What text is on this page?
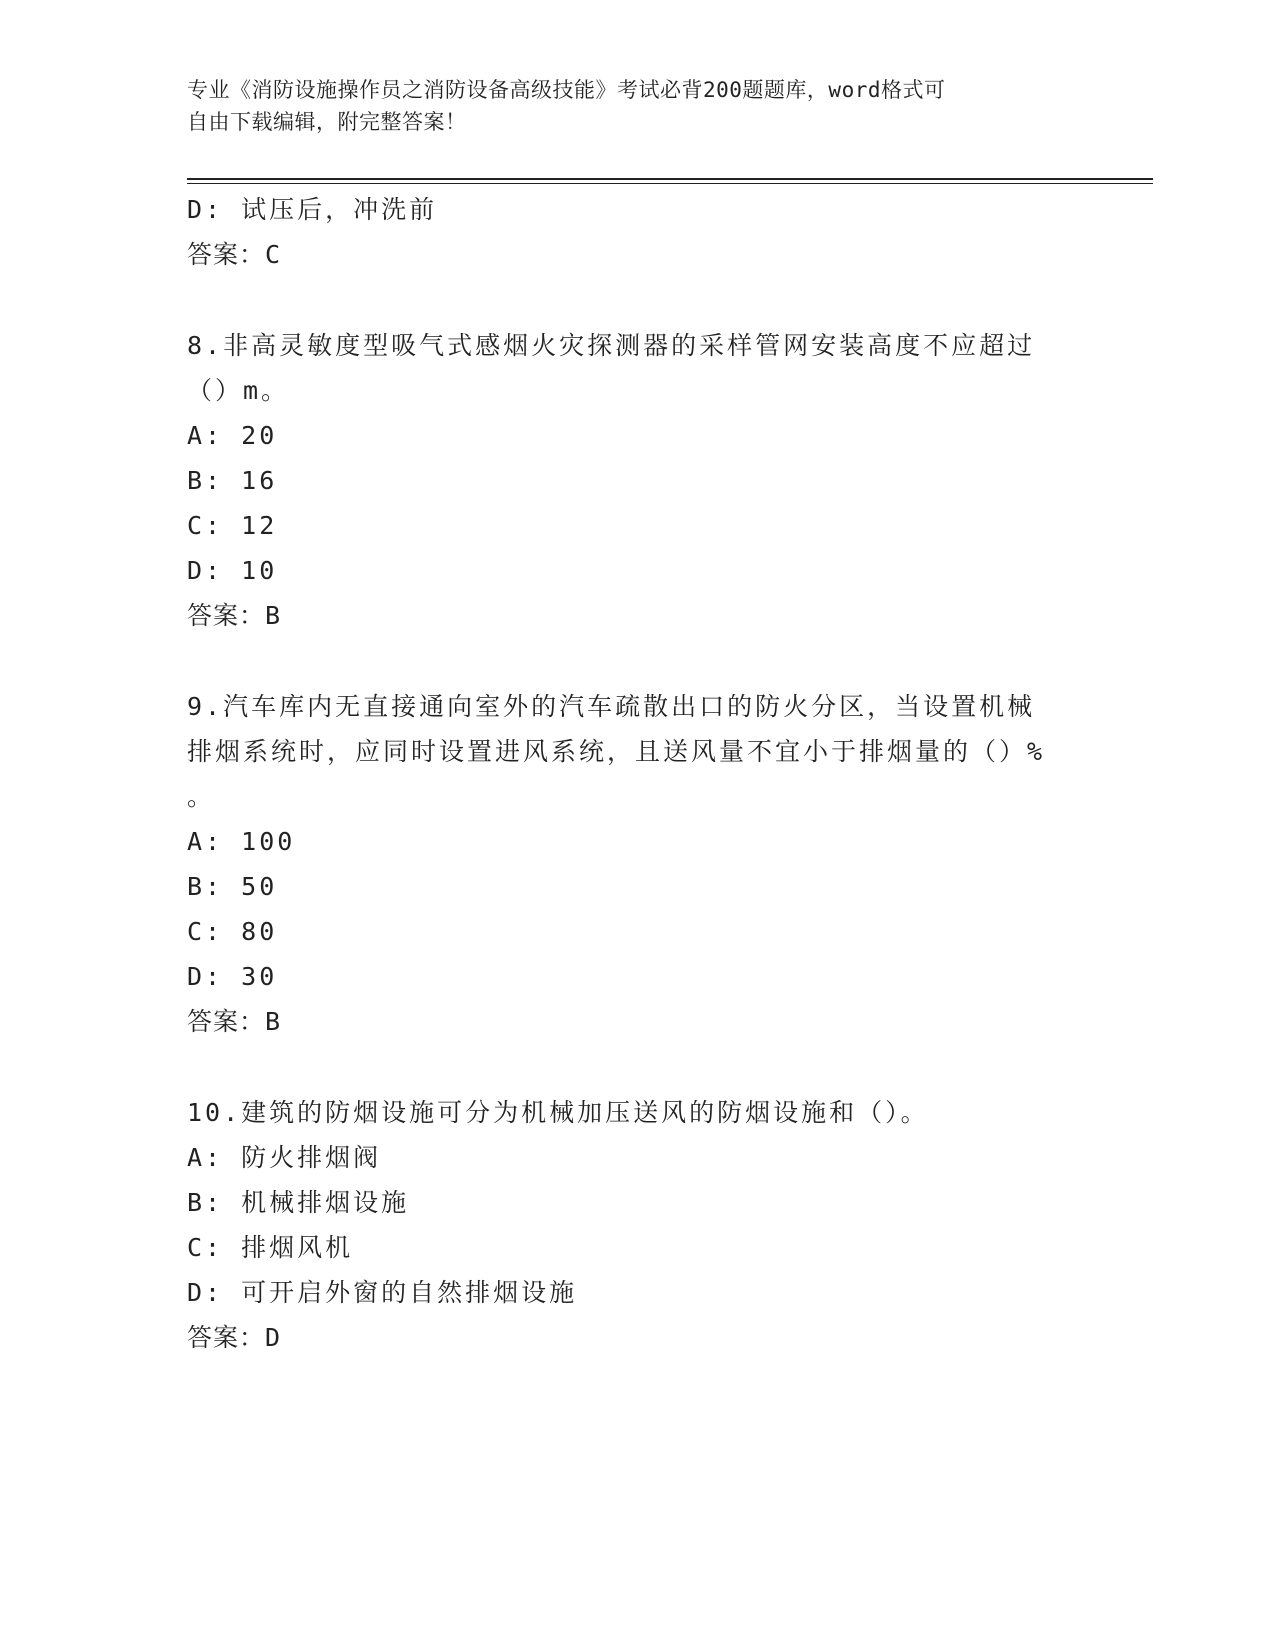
专业《消防设施操作员之消防设备高级技能》考试必背200题题库，word格式可
自由下载编辑，附完整答案！
D: 试压后，冲洗前
答案：C
8.非高灵敏度型吸气式感烟火灾探测器的采样管网安装高度不应超过
（）m。
A: 20
B: 16
C: 12
D: 10
答案：B
9.汽车库内无直接通向室外的汽车疏散出口的防火分区，当设置机械
排烟系统时，应同时设置进风系统，且送风量不宜小于排烟量的（）%
。
A: 100
B: 50
C: 80
D: 30
答案：B
10.建筑的防烟设施可分为机械加压送风的防烟设施和（）。
A: 防火排烟阀
B: 机械排烟设施
C: 排烟风机
D: 可开启外窗的自然排烟设施
答案：D
